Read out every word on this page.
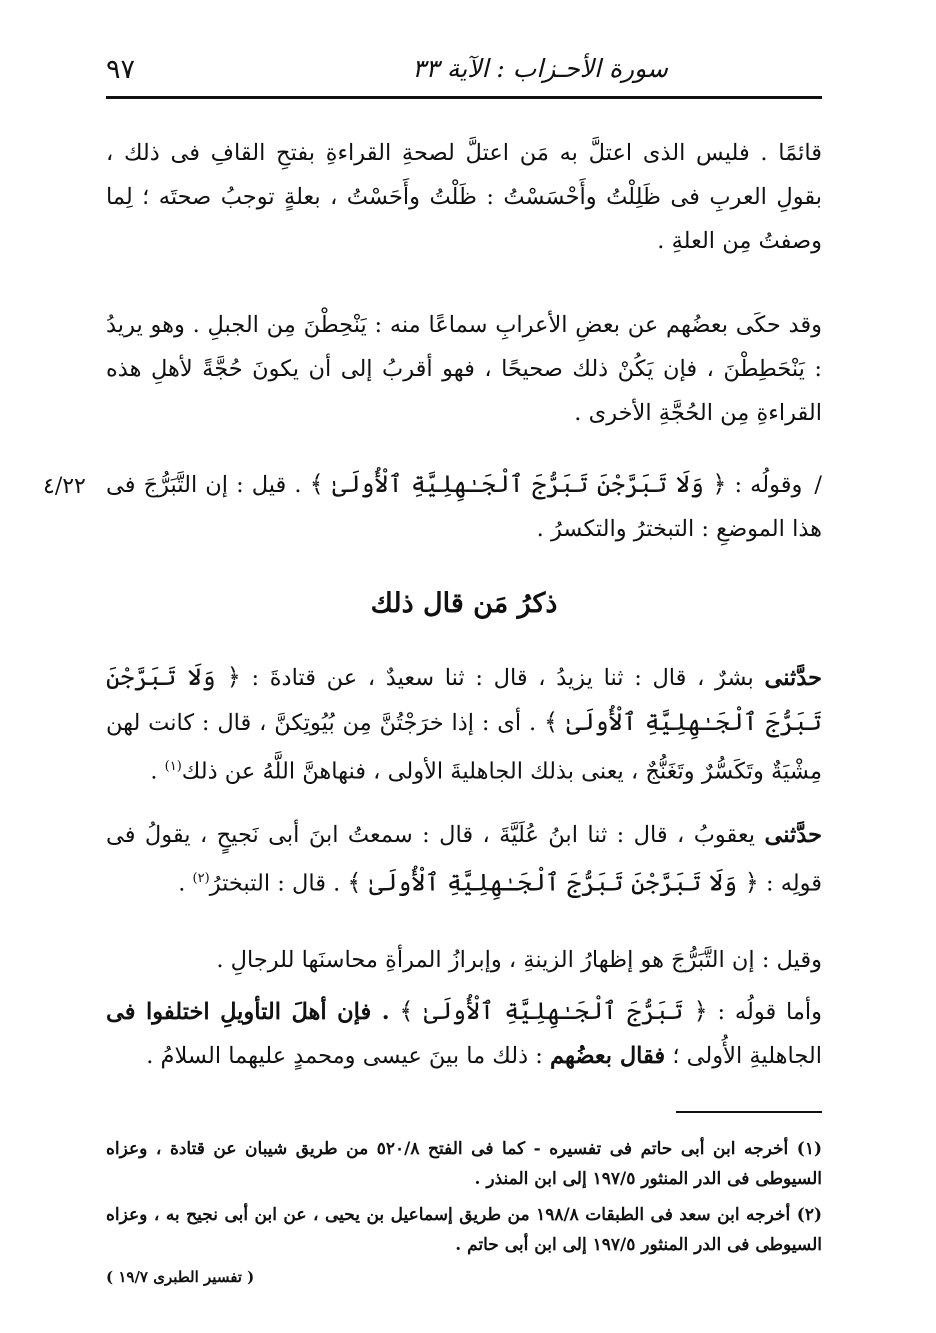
سورة الأحـزاب : الآية ٣٣
٩٧

قائمًا . فليس الذى اعتلَّ به مَن اعتلَّ لصحةِ القراءةِ بفتحِ القافِ فى ذلك ، بقولِ العربِ فى ظَلِلْتُ وأَحْسَسْتُ : ظَلْتُ وأَحَسْتُ ، بعلةٍ توجبُ صحتَه ؛ لِما وصفتُ مِن العلةِ .

وقد حكَى بعضُهم عن بعضِ الأعرابِ سماعًا منه : يَنْحِطْنَ مِن الجبلِ . وهو يريدُ : يَنْحَطِطْنَ ، فإن يَكُنْ ذلك صحيحًا ، فهو أقربُ إلى أن يكونَ حُجَّةً لأهلِ هذه القراءةِ مِن الحُجَّةِ الأخرى .

/ وقولُه : ﴿ وَلَا تَبَرَّجْنَ تَبَرُّجَ ٱلْجَـٰهِلِيَّةِ ٱلْأُولَىٰ ﴾ . قيل : إن التَّبَرُّجَ فى هذا الموضعِ : التبخترُ والتكسرُ .

٤/٢٢
ذكرُ مَن قال ذلك

حدَّثنى بشرٌ ، قال : ثنا يزيدُ ، قال : ثنا سعيدٌ ، عن قتادةَ : ﴿ وَلَا تَبَرَّجْنَ تَبَرُّجَ ٱلْجَـٰهِلِيَّةِ ٱلْأُولَىٰ ﴾ . أى : إذا خرَجْتُنَّ مِن بُيُوتِكنَّ ، قال : كانت لهن مِشْيَةٌ وتَكَسُّرٌ وتَغَنُّجٌ ، يعنى بذلك الجاهليةَ الأولى ، فنهاهنَّ اللَّهُ عن ذلك$^{(١)}$ .

حدَّثنى يعقوبُ ، قال : ثنا ابنُ عُلَيَّةَ ، قال : سمعتُ ابنَ أبى نَجيحٍ ، يقولُ فى قولِه : ﴿ وَلَا تَبَرَّجْنَ تَبَرُّجَ ٱلْجَـٰهِلِيَّةِ ٱلْأُولَىٰ ﴾ . قال : التبخترُ$^{(٢)}$ .

وقيل : إن التَّبَرُّجَ هو إظهارُ الزينةِ ، وإبرازُ المرأةِ محاسنَها للرجالِ .

وأما قولُه : ﴿ تَبَرُّجَ ٱلْجَـٰهِلِيَّةِ ٱلْأُولَىٰ ﴾ . فإن أهلَ التأويلِ اختلفوا فى الجاهليةِ الأُولى ؛ فقال بعضُهم : ذلك ما بينَ عيسى ومحمدٍ عليهما السلامُ .

(١) أخرجه ابن أبى حاتم فى تفسيره - كما فى الفتح ٥٢٠/٨ من طريق شيبان عن قتادة ، وعزاه السيوطى فى الدر المنثور ١٩٧/٥ إلى ابن المنذر .

(٢) أخرجه ابن سعد فى الطبقات ١٩٨/٨ من طريق إسماعيل بن يحيى ، عن ابن أبى نجيح به ، وعزاه السيوطى فى الدر المنثور ١٩٧/٥ إلى ابن أبى حاتم .

( تفسير الطبرى ١٩/٧ )
